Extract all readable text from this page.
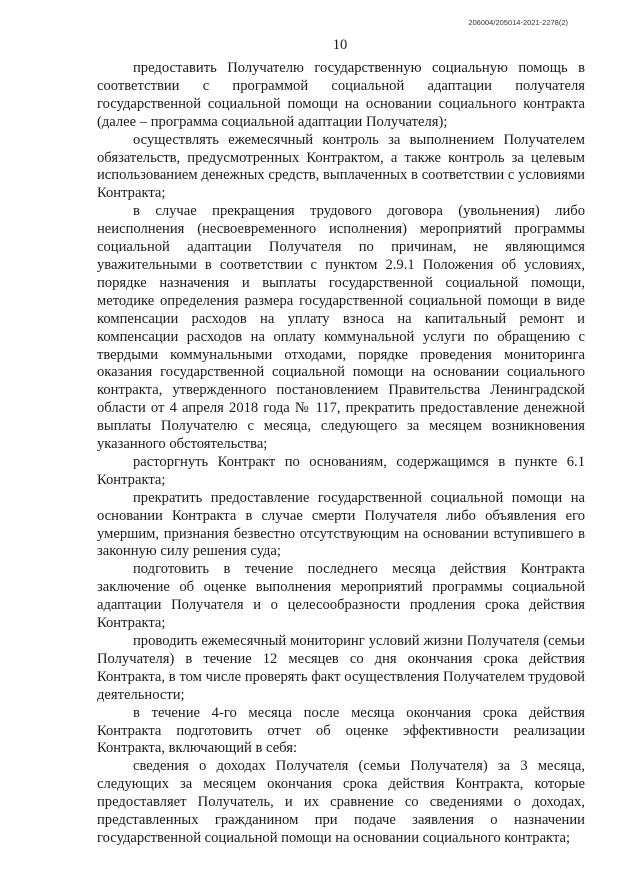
206004/205014-2021-2278(2)
10

предоставить Получателю государственную социальную помощь в соответствии с программой социальной адаптации получателя государственной социальной помощи на основании социального контракта (далее – программа социальной адаптации Получателя);

осуществлять ежемесячный контроль за выполнением Получателем обязательств, предусмотренных Контрактом, а также контроль за целевым использованием денежных средств, выплаченных в соответствии с условиями Контракта;

в случае прекращения трудового договора (увольнения) либо неисполнения (несвоевременного исполнения) мероприятий программы социальной адаптации Получателя по причинам, не являющимся уважительными в соответствии с пунктом 2.9.1 Положения об условиях, порядке назначения и выплаты государственной социальной помощи, методике определения размера государственной социальной помощи в виде компенсации расходов на уплату взноса на капитальный ремонт и компенсации расходов на оплату коммунальной услуги по обращению с твердыми коммунальными отходами, порядке проведения мониторинга оказания государственной социальной помощи на основании социального контракта, утвержденного постановлением Правительства Ленинградской области от 4 апреля 2018 года № 117, прекратить предоставление денежной выплаты Получателю с месяца, следующего за месяцем возникновения указанного обстоятельства;

расторгнуть Контракт по основаниям, содержащимся в пункте 6.1 Контракта;

прекратить предоставление государственной социальной помощи на основании Контракта в случае смерти Получателя либо объявления его умершим, признания безвестно отсутствующим на основании вступившего в законную силу решения суда;

подготовить в течение последнего месяца действия Контракта заключение об оценке выполнения мероприятий программы социальной адаптации Получателя и о целесообразности продления срока действия Контракта;

проводить ежемесячный мониторинг условий жизни Получателя (семьи Получателя) в течение 12 месяцев со дня окончания срока действия Контракта, в том числе проверять факт осуществления Получателем трудовой деятельности;

в течение 4-го месяца после месяца окончания срока действия Контракта подготовить отчет об оценке эффективности реализации Контракта, включающий в себя:

сведения о доходах Получателя (семьи Получателя) за 3 месяца, следующих за месяцем окончания срока действия Контракта, которые предоставляет Получатель, и их сравнение со сведениями о доходах, представленных гражданином при подаче заявления о назначении государственной социальной помощи на основании социального контракта;
